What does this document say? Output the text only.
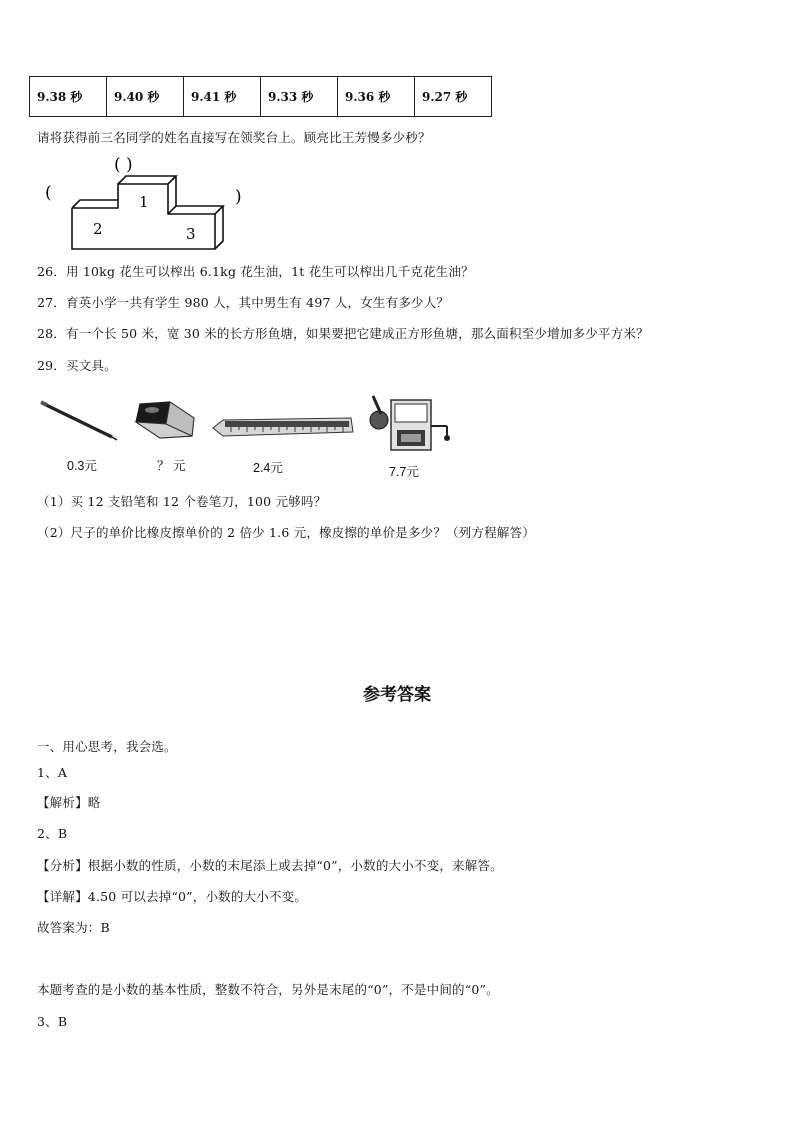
9.38 秒	9.40 秒	9.41 秒	9.33 秒	9.36 秒	9.27 秒
请将获得前三名同学的姓名直接写在领奖台上。顾亮比王芳慢多少秒？
( )
(	)
1
2	3
26．用 10kg 花生可以榨出 6.1kg 花生油，1t 花生可以榨出几千克花生油？
27．育英小学一共有学生 980 人，其中男生有 497 人，女生有多少人？
28．有一个长 50 米，宽 30 米的长方形鱼塘，如果要把它建成正方形鱼塘，那么面积至少增加多少平方米？
29．买文具。
0.3元	？ 元	2.4元	7.7元
（1）买 12 支铅笔和 12 个卷笔刀，100 元够吗？
（2）尺子的单价比橡皮擦单价的 2 倍少 1.6 元，橡皮擦的单价是多少？（列方程解答）
参考答案
一、用心思考，我会选。
1、A
【解析】略
2、B
【分析】根据小数的性质，小数的末尾添上或去掉“0”，小数的大小不变，来解答。
【详解】4.50 可以去掉“0”，小数的大小不变。
故答案为：B
本题考查的是小数的基本性质，整数不符合，另外是末尾的“0”，不是中间的“0”。
3、B
